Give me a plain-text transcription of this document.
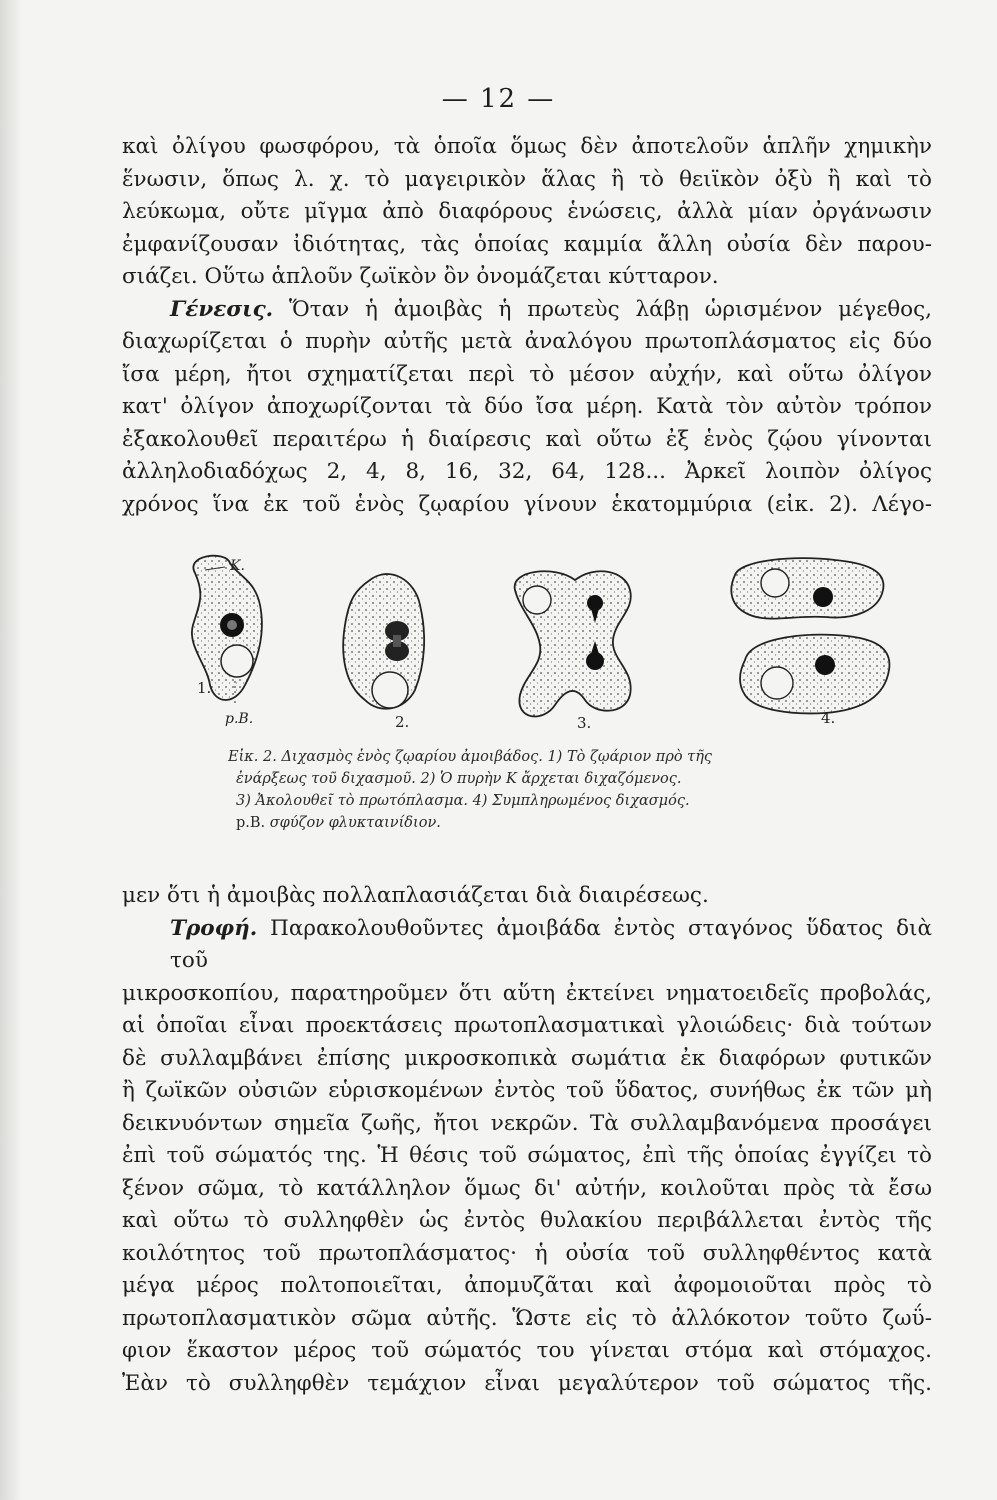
— 12 —

καὶ ὀλίγου φωσφόρου, τὰ ὁποῖα ὅμως δὲν ἀποτελοῦν ἁπλῆν χημικὴν

ἕνωσιν, ὅπως λ. χ. τὸ μαγειρικὸν ἅλας ἢ τὸ θειϊκὸν ὀξὺ ἢ καὶ τὸ

λεύκωμα, οὔτε μῖγμα ἀπὸ διαφόρους ἑνώσεις, ἀλλὰ μίαν ὀργάνωσιν

ἐμφανίζουσαν ἰδιότητας, τὰς ὁποίας καμμία ἄλλη οὐσία δὲν παρου-

σιάζει. Οὕτω ἁπλοῦν ζωϊκὸν ὂν ὀνομάζεται κύτταρον.

Γένεσις. Ὅταν ἡ ἀμοιβὰς ἡ πρωτεὺς λάβῃ ὡρισμένον μέγεθος,

διαχωρίζεται ὁ πυρὴν αὐτῆς μετὰ ἀναλόγου πρωτοπλάσματος εἰς δύο

ἴσα μέρη, ἤτοι σχηματίζεται περὶ τὸ μέσον αὐχήν, καὶ οὕτω ὀλίγον

κατ' ὀλίγον ἀποχωρίζονται τὰ δύο ἴσα μέρη. Κατὰ τὸν αὐτὸν τρόπον

ἐξακολουθεῖ περαιτέρω ἡ διαίρεσις καὶ οὕτω ἐξ ἑνὸς ζῴου γίνονται

ἀλληλοδιαδόχως 2, 4, 8, 16, 32, 64, 128... Ἀρκεῖ λοιπὸν ὀλίγος

χρόνος ἵνα ἐκ τοῦ ἑνὸς ζῳαρίου γίνουν ἑκατομμύρια (εἰκ. 2). Λέγο-

K.
1.
p.B.	2.	3.	4.
Εἰκ. 2. Διχασμὸς ἑνὸς ζῳαρίου ἀμοιβάδος. 1) Τὸ ζῳάριον πρὸ τῆς
ἐνάρξεως τοῦ διχασμοῦ. 2) Ὁ πυρὴν Κ ἄρχεται διχαζόμενος.
3) Ἀκολουθεῖ τὸ πρωτόπλασμα. 4) Συμπληρωμένος διχασμός.
p.B. σφύζον φλυκταινίδιον.

μεν ὅτι ἡ ἀμοιβὰς πολλαπλασιάζεται διὰ διαιρέσεως.

Τροφή. Παρακολουθοῦντες ἀμοιβάδα ἐντὸς σταγόνος ὕδατος διὰ τοῦ

μικροσκοπίου, παρατηροῦμεν ὅτι αὕτη ἐκτείνει νηματοειδεῖς προβολάς,

αἱ ὁποῖαι εἶναι προεκτάσεις πρωτοπλασματικαὶ γλοιώδεις· διὰ τούτων

δὲ συλλαμβάνει ἐπίσης μικροσκοπικὰ σωμάτια ἐκ διαφόρων φυτικῶν

ἢ ζωϊκῶν οὐσιῶν εὑρισκομένων ἐντὸς τοῦ ὕδατος, συνήθως ἐκ τῶν μὴ

δεικνυόντων σημεῖα ζωῆς, ἤτοι νεκρῶν. Τὰ συλλαμβανόμενα προσάγει

ἐπὶ τοῦ σώματός της. Ἡ θέσις τοῦ σώματος, ἐπὶ τῆς ὁποίας ἐγγίζει τὸ

ξένον σῶμα, τὸ κατάλληλον ὅμως δι' αὐτήν, κοιλοῦται πρὸς τὰ ἔσω

καὶ οὕτω τὸ συλληφθὲν ὡς ἐντὸς θυλακίου περιβάλλεται ἐντὸς τῆς

κοιλότητος τοῦ πρωτοπλάσματος· ἡ οὐσία τοῦ συλληφθέντος κατὰ

μέγα μέρος πολτοποιεῖται, ἀπομυζᾶται καὶ ἀφομοιοῦται πρὸς τὸ

πρωτοπλασματικὸν σῶμα αὐτῆς. Ὥστε εἰς τὸ ἀλλόκοτον τοῦτο ζωΰ-

φιον ἕκαστον μέρος τοῦ σώματός του γίνεται στόμα καὶ στόμαχος.

Ἐὰν τὸ συλληφθὲν τεμάχιον εἶναι μεγαλύτερον τοῦ σώματος τῆς.
